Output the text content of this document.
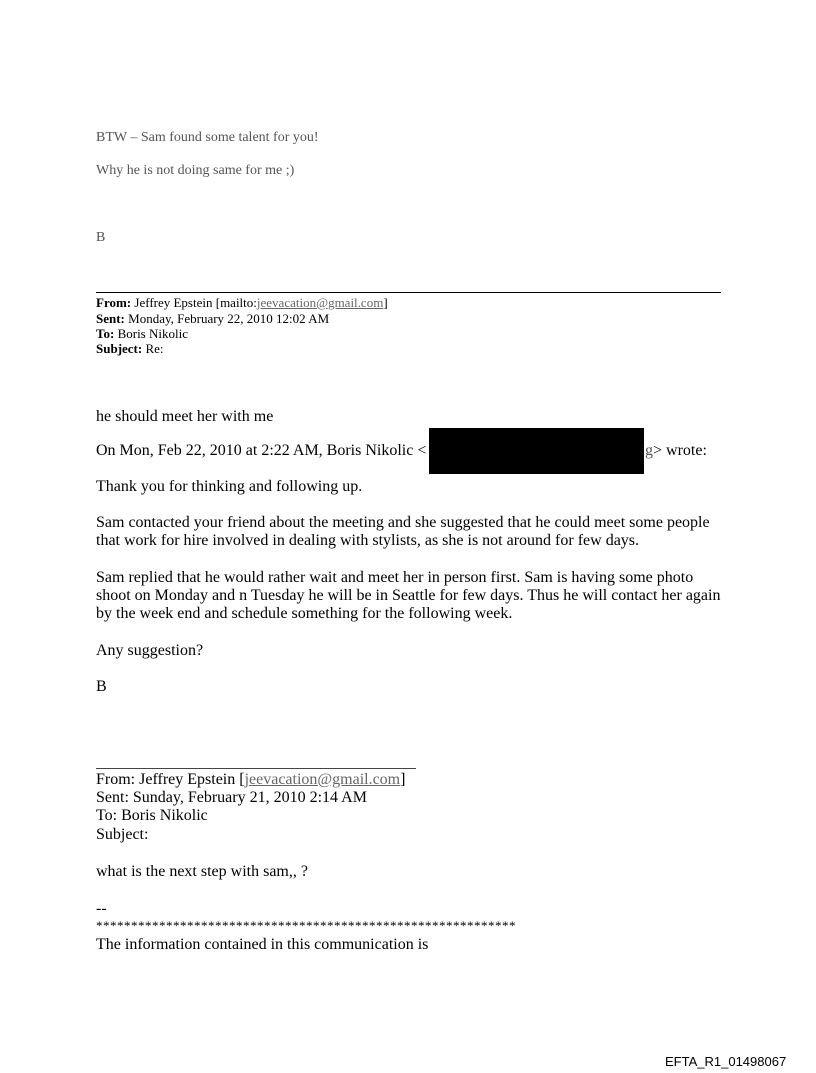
BTW – Sam found some talent for you!

Why he is not doing same for me ;)

B

From: Jeffrey Epstein [mailto:jeevacation@gmail.com]
Sent: Monday, February 22, 2010 12:02 AM
To: Boris Nikolic
Subject: Re:

he should meet her with me

On Mon, Feb 22, 2010 at 2:22 AM, Boris Nikolic <	g> wrote:

Thank you for thinking and following up.

Sam contacted your friend about the meeting and she suggested that he could meet some people

that work for hire involved in dealing with stylists, as she is not around for few days.

Sam replied that he would rather wait and meet her in person first. Sam is having some photo

shoot on Monday and n Tuesday he will be in Seattle for few days. Thus he will contact her again

by the week end and schedule something for the following week.

Any suggestion?

B

From: Jeffrey Epstein [jeevacation@gmail.com]

Sent: Sunday, February 21, 2010 2:14 AM

To: Boris Nikolic

Subject:

what is the next step with sam,, ?

--

************************************************************

The information contained in this communication is

EFTA_R1_01498067
